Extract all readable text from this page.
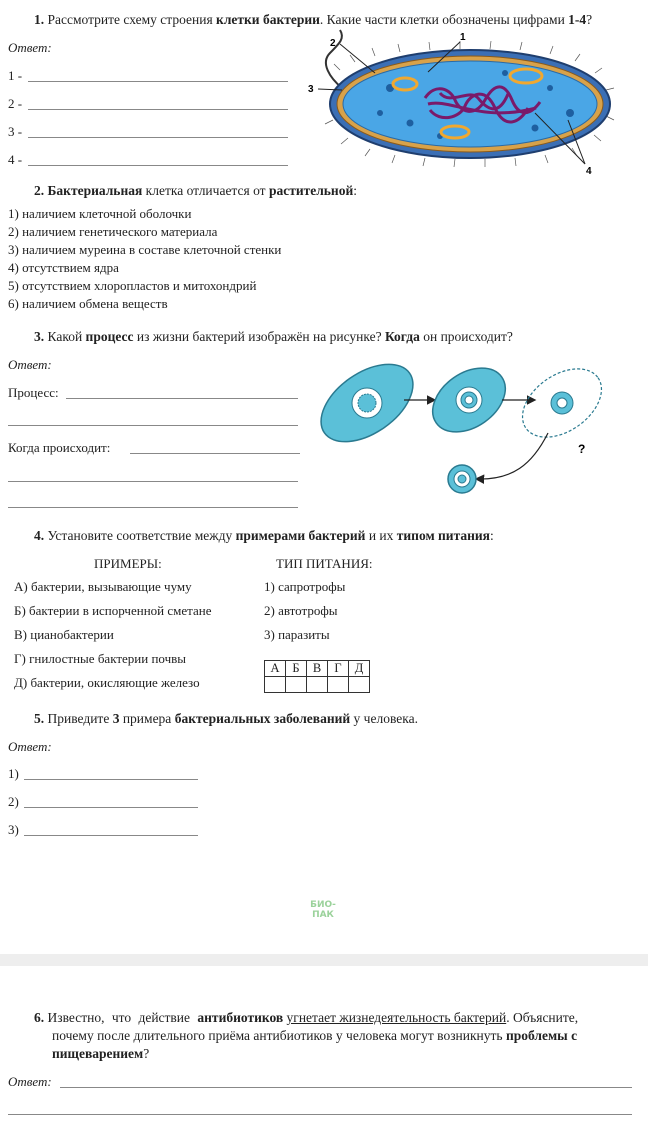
1. Рассмотрите схему строения клетки бактерии. Какие части клетки обозначены цифрами 1-4?
Ответ:
1 -
2 -
3 -
4 -
1
2
3
4
2. Бактериальная клетка отличается от растительной:
1) наличием клеточной оболочки
2) наличием генетического материала
3) наличием муреина в составе клеточной стенки
4) отсутствием ядра
5) отсутствием хлоропластов и митохондрий
6) наличием обмена веществ
3. Какой процесс из жизни бактерий изображён на рисунке? Когда он происходит?
Ответ:
Процесс:
Когда происходит:	?
4. Установите соответствие между примерами бактерий и их типом питания:
ПРИМЕРЫ:	ТИП ПИТАНИЯ:
А) бактерии, вызывающие чуму
Б) бактерии в испорченной сметане
В) цианобактерии
Г) гнилостные бактерии почвы
Д) бактерии, окисляющие железо
1) сапротрофы
2) автотрофы
3) паразиты
А	Б	В	Г	Д

5. Приведите 3 примера бактериальных заболеваний у человека.
Ответ:
1)
2)
3)
БИО-
ПАК
6. Известно, что действие антибиотиков угнетает жизнедеятельность бактерий. Объясните,
почему после длительного приёма антибиотиков у человека могут возникнуть проблемы с
пищеварением?
Ответ:
